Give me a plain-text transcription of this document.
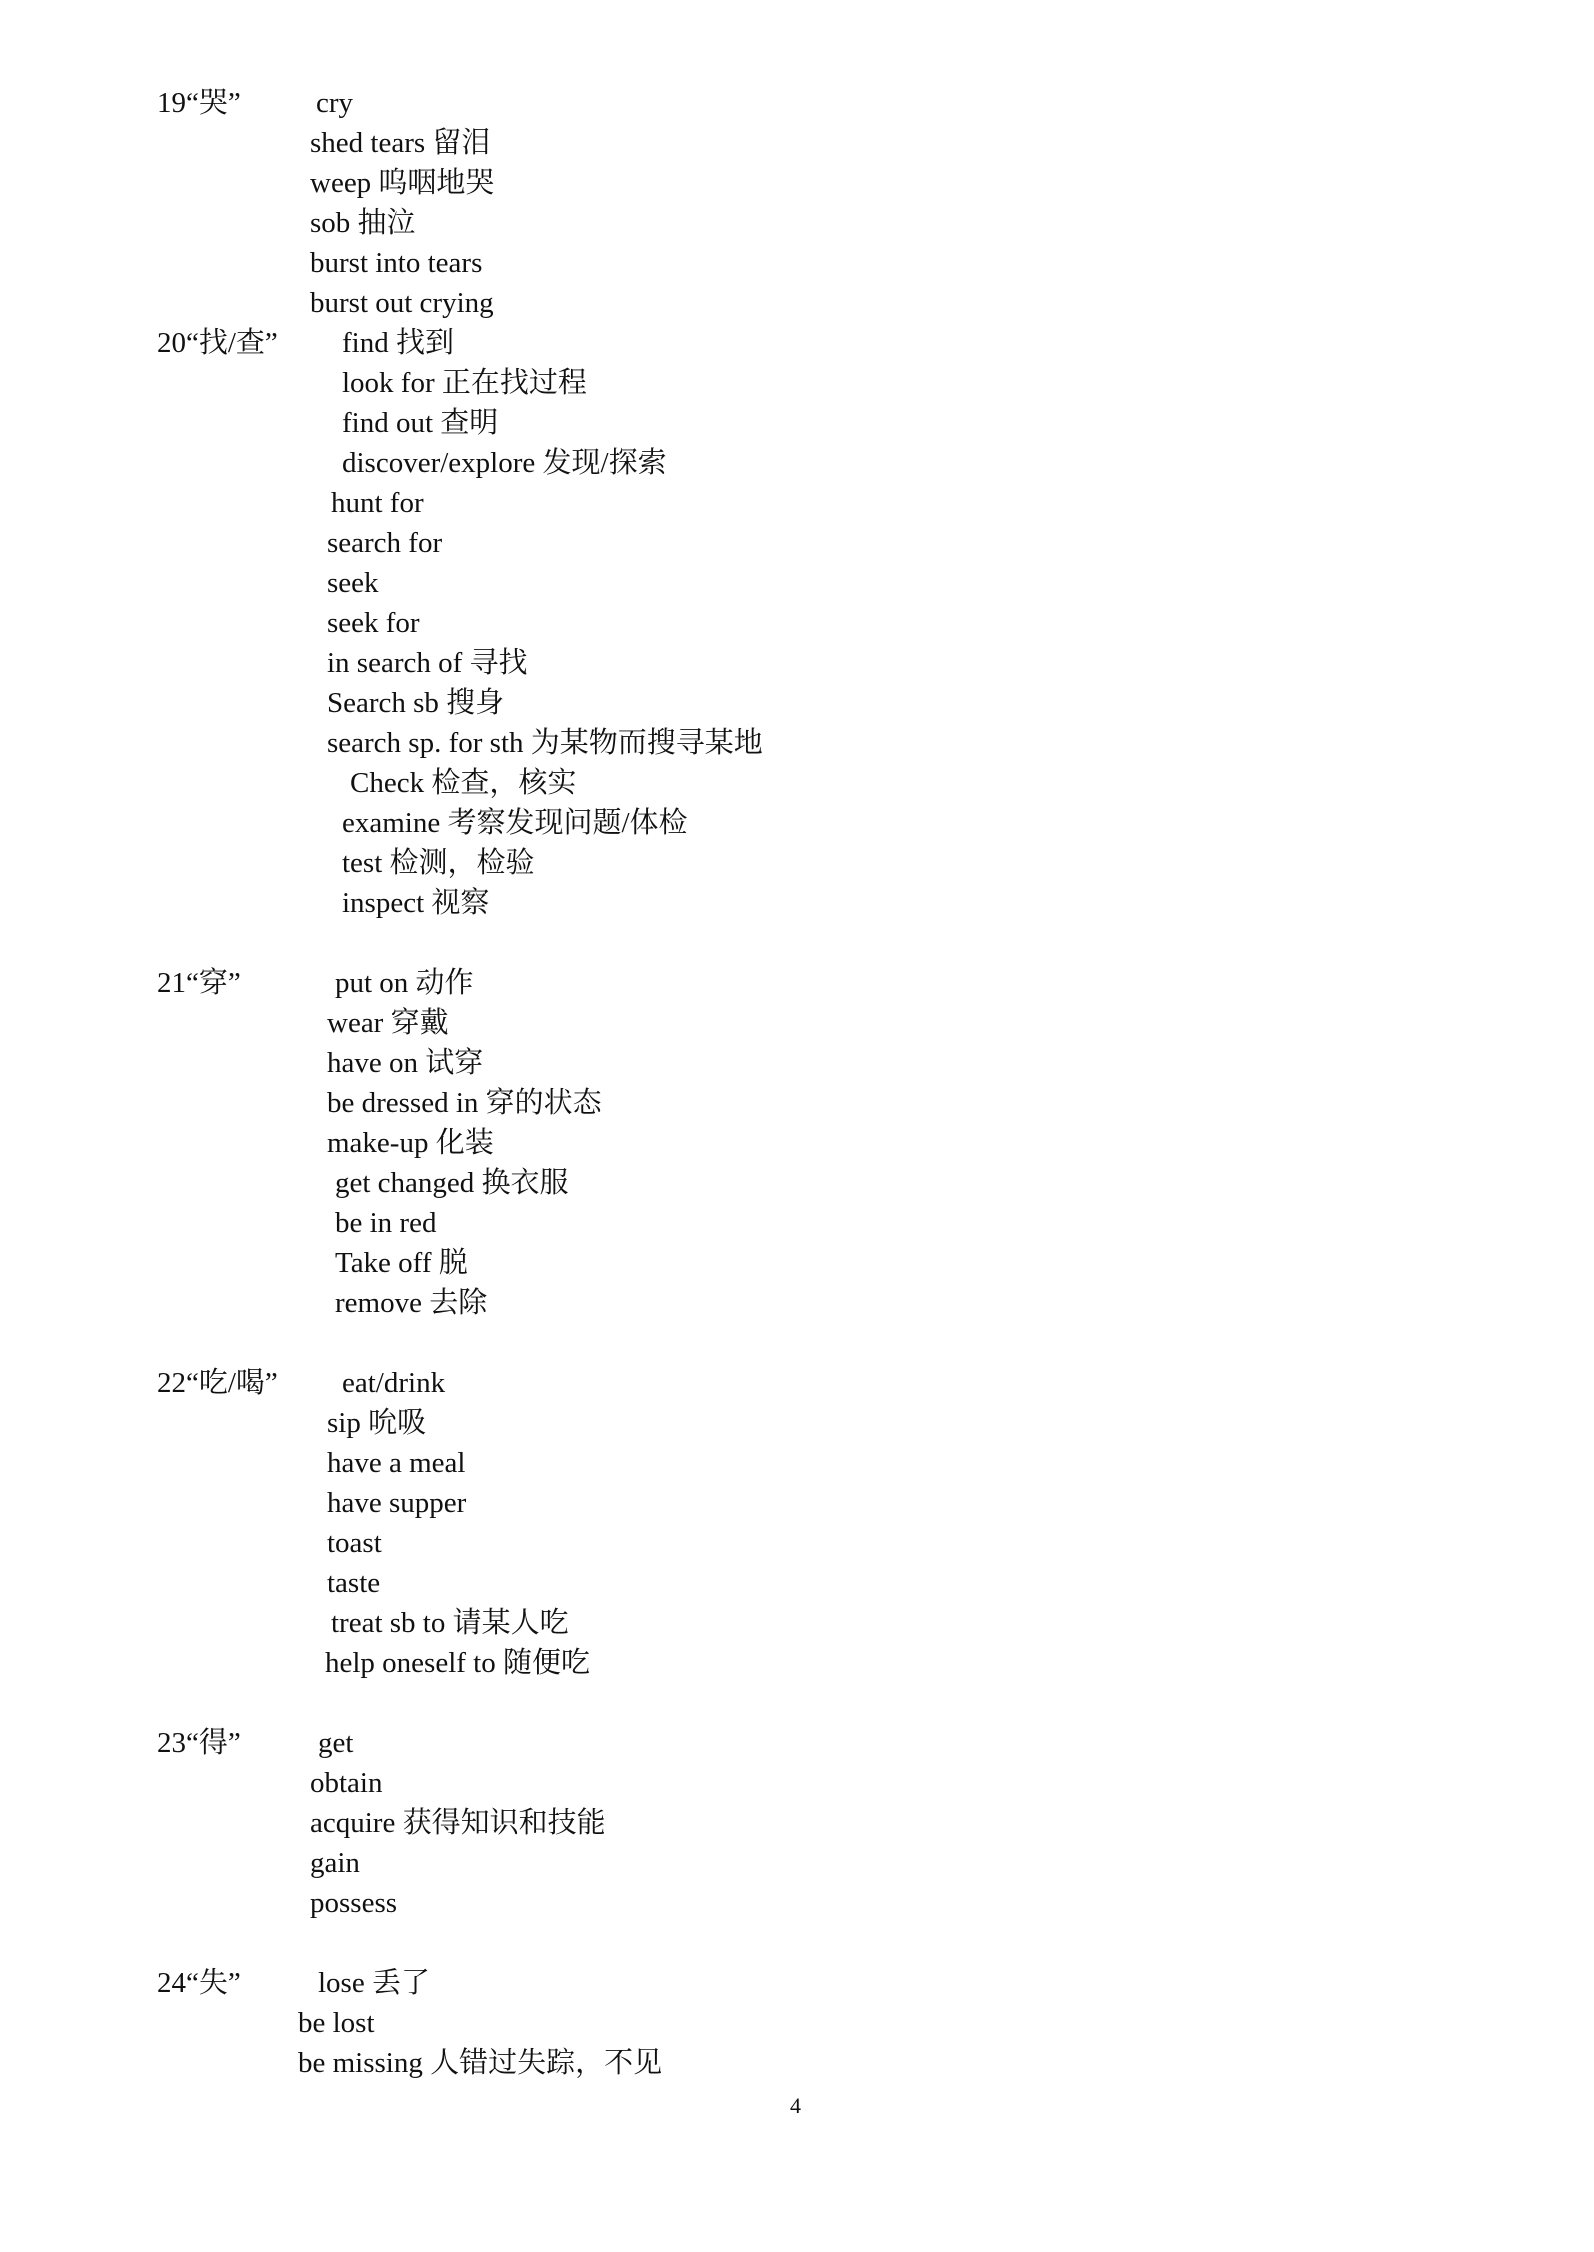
19“哭”	cry
shed tears 留泪
weep 呜咽地哭
sob 抽泣
burst into tears
burst out crying
20“找/查” find 找到
look for 正在找过程
find out 查明
discover/explore 发现/探索
hunt for
search for
seek
seek for
in search of 寻找
Search sb 搜身
search sp. for sth 为某物而搜寻某地
Check 检查，核实
examine 考察发现问题/体检
test 检测，检验
inspect 视察
21“穿”	put on 动作
wear 穿戴
have on 试穿
be dressed in 穿的状态
make-up 化装
get changed 换衣服
be in red
Take off 脱
remove 去除
22“吃/喝” eat/drink
sip 吮吸
have a meal
have supper
toast
taste
treat sb to 请某人吃
help oneself to 随便吃
23“得”	get
obtain
acquire 获得知识和技能
gain
possess
24“失”	lose 丢了
be lost
be missing 人错过失踪，不见
4
